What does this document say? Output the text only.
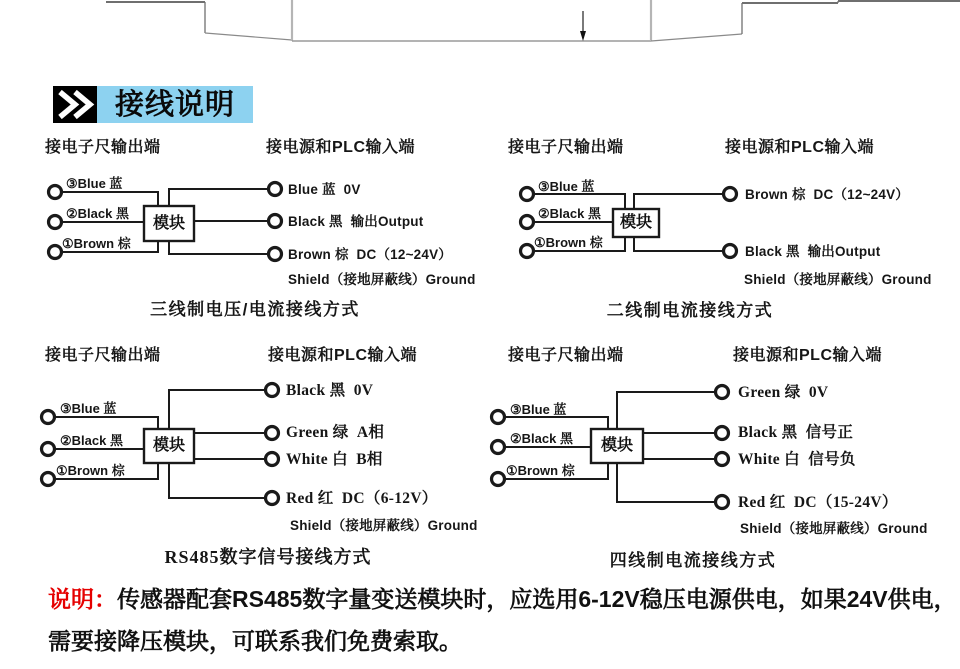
接线说明
接电子尺输出端	接电源和PLC输入端	接电子尺输出端	接电源和PLC输入端
③Blue 蓝
②Black 黑
①Brown 棕
模块
Blue 蓝  0V
Black 黑  输出Output
Brown 棕  DC（12~24V）
Shield（接地屏蔽线）Ground
三线制电压/电流接线方式
③Blue 蓝
②Black 黑
①Brown 棕
模块
Brown 棕  DC（12~24V）
Black 黑  输出Output
Shield（接地屏蔽线）Ground
二线制电流接线方式
接电子尺输出端	接电源和PLC输入端	接电子尺输出端	接电源和PLC输入端
③Blue 蓝
②Black 黑
①Brown 棕
模块
Black 黑  0V
Green 绿  A相
White 白  B相
Red 红  DC（6-12V）
Shield（接地屏蔽线）Ground
RS485数字信号接线方式
③Blue 蓝
②Black 黑
①Brown 棕
模块
Green 绿  0V
Black 黑  信号正
White 白  信号负
Red 红  DC（15-24V）
Shield（接地屏蔽线）Ground
四线制电流接线方式
说明：传感器配套RS485数字量变送模块时，应选用6-12V稳压电源供电，如果24V供电，
需要接降压模块，可联系我们免费索取。
